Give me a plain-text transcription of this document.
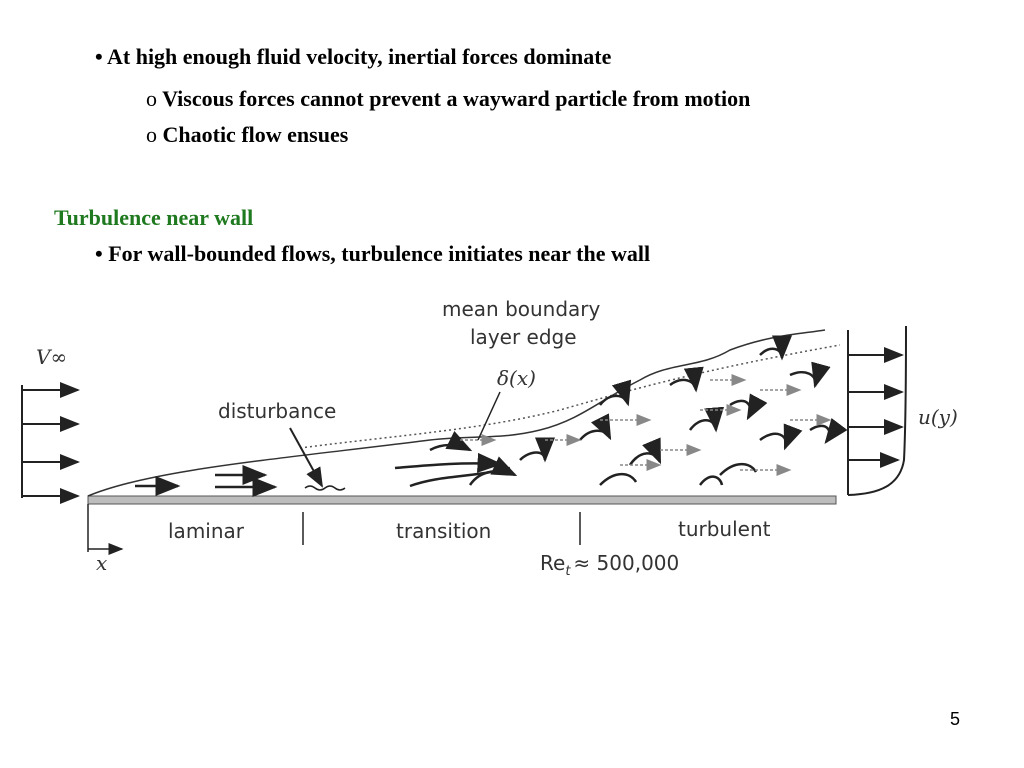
• At high enough fluid velocity, inertial forces dominate
o Viscous forces cannot prevent a wayward particle from motion
o Chaotic flow ensues
Turbulence near wall
• For wall-bounded flows, turbulence initiates near the wall
V∞
disturbance	u(y)
mean boundary
layer edge
δ(x)
laminar	transition	turbulent
x	$Re_t \approx 500,000$
5
